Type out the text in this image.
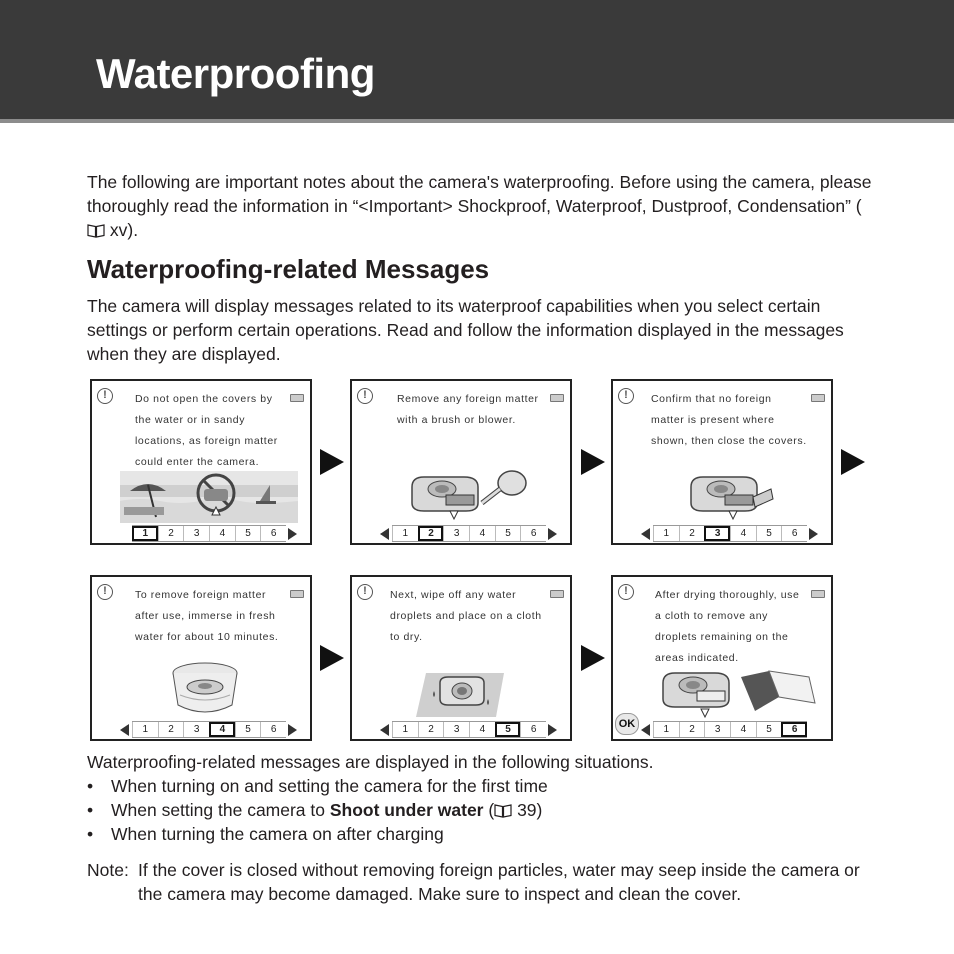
Waterproofing

The following are important notes about the camera's waterproofing. Before using the camera, please thoroughly read the information in “<Important> Shockproof, Waterproof, Dustproof, Condensation” ( xv).

Waterproofing-related Messages

The camera will display messages related to its waterproof capabilities when you select certain settings or perform certain operations. Read and follow the information displayed in the messages when they are displayed.

!	Do not open the covers by
the water or in sandy
locations, as foreign matter
could enter the camera.

1	2	3	4	5	6
!	Remove any foreign matter
with a brush or blower.

1	2	3	4	5	6
!	Confirm that no foreign
matter is present where
shown, then close the covers.

1	2	3	4	5	6
!	To remove foreign matter
after use, immerse in fresh
water for about 10 minutes.

1	2	3	4	5	6
!	Next, wipe off any water
droplets and place on a cloth
to dry.

1	2	3	4	5	6
!	After drying thoroughly, use
a cloth to remove any
droplets remaining on the
areas indicated.

OK	1	2	3	4	5	6

Waterproofing-related messages are displayed in the following situations.

• When turning on and setting the camera for the first time
• When setting the camera to Shoot under water ( 39)
• When turning the camera on after charging

Note: If the cover is closed without removing foreign particles, water may seep inside the camera or the camera may become damaged. Make sure to inspect and clean the cover.
